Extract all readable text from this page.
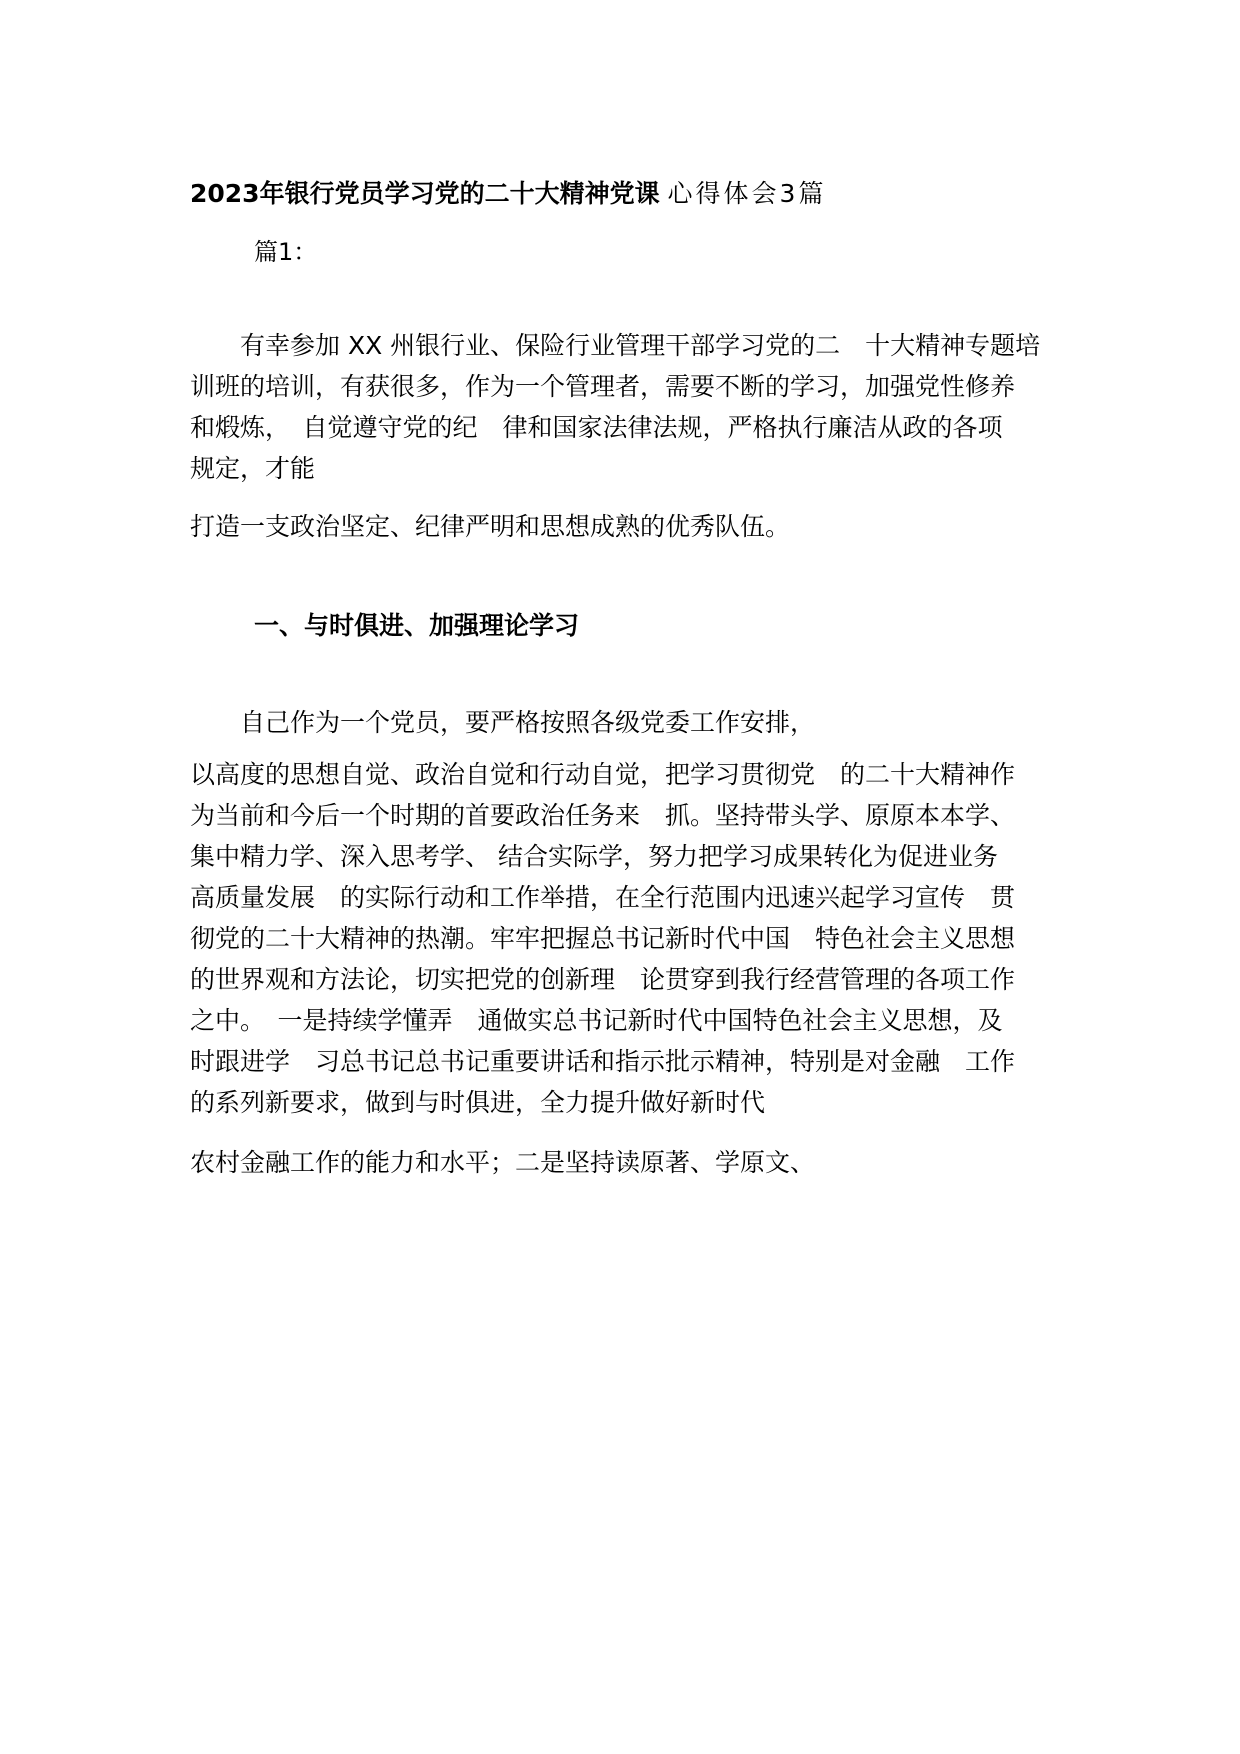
2023年银行党员学习党的二十大精神党课 心得体会3篇
篇1：
　　有幸参加 XX 州银行业、保险行业管理干部学习党的二　十大精神专题培
训班的培训，有获很多，作为一个管理者，需要不断的学习，加强党性修养
和煅炼，　自觉遵守党的纪　律和国家法律法规，严格执行廉洁从政的各项
规定，才能
打造一支政治坚定、纪律严明和思想成熟的优秀队伍。
一、与时俱进、加强理论学习
　　自己作为一个党员，要严格按照各级党委工作安排，
以高度的思想自觉、政治自觉和行动自觉，把学习贯彻党　的二十大精神作
为当前和今后一个时期的首要政治任务来　抓。坚持带头学、原原本本学、
集中精力学、深入思考学、 结合实际学，努力把学习成果转化为促进业务
高质量发展　的实际行动和工作举措，在全行范围内迅速兴起学习宣传　贯
彻党的二十大精神的热潮。牢牢把握总书记新时代中国　特色社会主义思想
的世界观和方法论，切实把党的创新理　论贯穿到我行经营管理的各项工作
之中。　一是持续学懂弄　通做实总书记新时代中国特色社会主义思想，及
时跟进学　习总书记总书记重要讲话和指示批示精神，特别是对金融　工作
的系列新要求，做到与时俱进，全力提升做好新时代
农村金融工作的能力和水平；二是坚持读原著、学原文、
